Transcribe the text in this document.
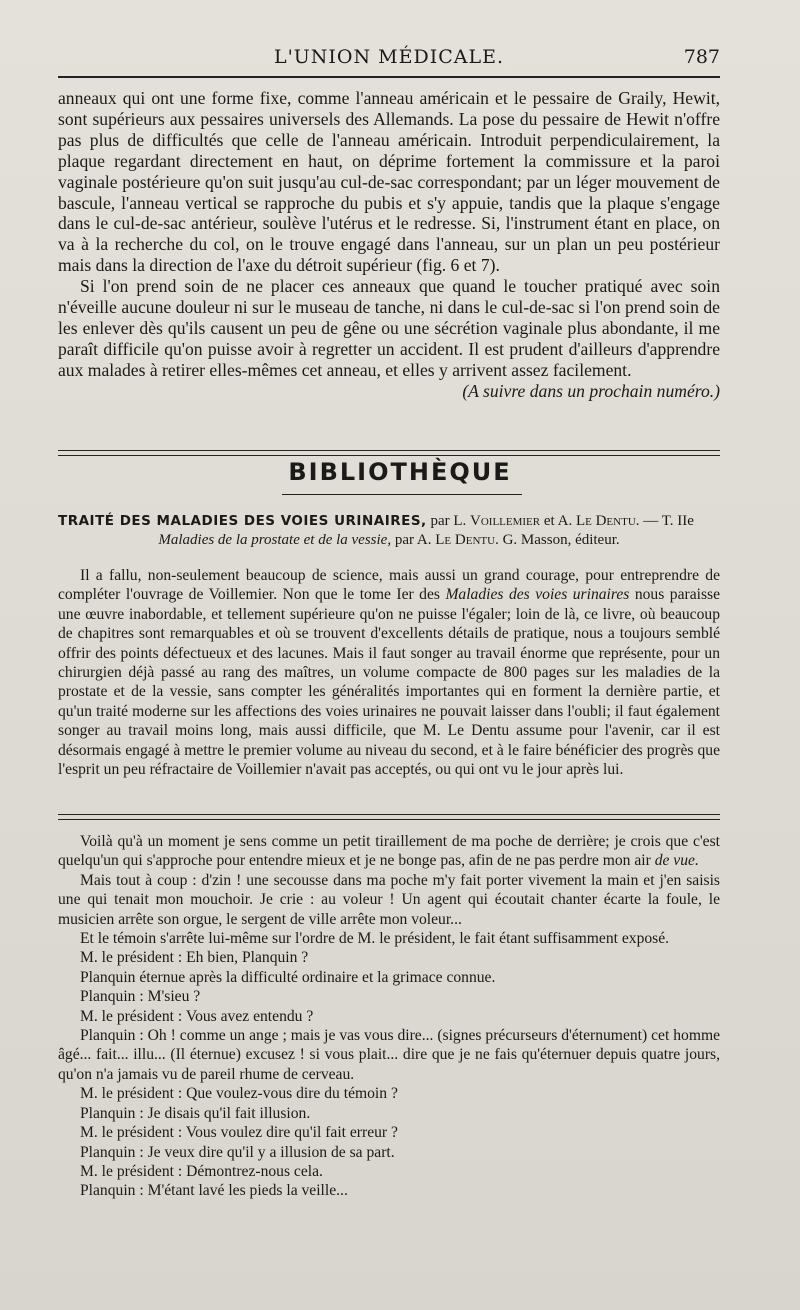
L'UNION MÉDICALE.	787

anneaux qui ont une forme fixe, comme l'anneau américain et le pessaire de Graily, Hewit, sont supérieurs aux pessaires universels des Allemands. La pose du pessaire de Hewit n'offre pas plus de difficultés que celle de l'anneau américain. Introduit perpendiculairement, la plaque regardant directement en haut, on déprime fortement la commissure et la paroi vaginale postérieure qu'on suit jusqu'au cul-de-sac correspondant; par un léger mouvement de bascule, l'anneau vertical se rapproche du pubis et s'y appuie, tandis que la plaque s'engage dans le cul-de-sac antérieur, soulève l'utérus et le redresse. Si, l'instrument étant en place, on va à la recherche du col, on le trouve engagé dans l'anneau, sur un plan un peu postérieur mais dans la direction de l'axe du détroit supérieur (fig. 6 et 7).

Si l'on prend soin de ne placer ces anneaux que quand le toucher pratiqué avec soin n'éveille aucune douleur ni sur le museau de tanche, ni dans le cul-de-sac si l'on prend soin de les enlever dès qu'ils causent un peu de gêne ou une sécrétion vaginale plus abondante, il me paraît difficile qu'on puisse avoir à regretter un accident. Il est prudent d'ailleurs d'apprendre aux malades à retirer elles-mêmes cet anneau, et elles y arrivent assez facilement.

(A suivre dans un prochain numéro.)

BIBLIOTHÈQUE

TRAITÉ DES MALADIES DES VOIES URINAIRES, par L. Voillemier et A. Le Dentu. — T. IIe

Maladies de la prostate et de la vessie, par A. Le Dentu. G. Masson, éditeur.

Il a fallu, non-seulement beaucoup de science, mais aussi un grand courage, pour entreprendre de compléter l'ouvrage de Voillemier. Non que le tome Ier des Maladies des voies urinaires nous paraisse une œuvre inabordable, et tellement supérieure qu'on ne puisse l'égaler; loin de là, ce livre, où beaucoup de chapitres sont remarquables et où se trouvent d'excellents détails de pratique, nous a toujours semblé offrir des points défectueux et des lacunes. Mais il faut songer au travail énorme que représente, pour un chirurgien déjà passé au rang des maîtres, un volume compacte de 800 pages sur les maladies de la prostate et de la vessie, sans compter les généralités importantes qui en forment la dernière partie, et qu'un traité moderne sur les affections des voies urinaires ne pouvait laisser dans l'oubli; il faut également songer au travail moins long, mais aussi difficile, que M. Le Dentu assume pour l'avenir, car il est désormais engagé à mettre le premier volume au niveau du second, et à le faire bénéficier des progrès que l'esprit un peu réfractaire de Voillemier n'avait pas acceptés, ou qui ont vu le jour après lui.

Voilà qu'à un moment je sens comme un petit tiraillement de ma poche de derrière; je crois que c'est quelqu'un qui s'approche pour entendre mieux et je ne bonge pas, afin de ne pas perdre mon air de vue.

Mais tout à coup : d'zin ! une secousse dans ma poche m'y fait porter vivement la main et j'en saisis une qui tenait mon mouchoir. Je crie : au voleur ! Un agent qui écoutait chanter écarte la foule, le musicien arrête son orgue, le sergent de ville arrête mon voleur...

Et le témoin s'arrête lui-même sur l'ordre de M. le président, le fait étant suffisamment exposé.

M. le président : Eh bien, Planquin ?

Planquin éternue après la difficulté ordinaire et la grimace connue.

Planquin : M'sieu ?

M. le président : Vous avez entendu ?

Planquin : Oh ! comme un ange ; mais je vas vous dire... (signes précurseurs d'éternument) cet homme âgé... fait... illu... (Il éternue) excusez ! si vous plait... dire que je ne fais qu'éternuer depuis quatre jours, qu'on n'a jamais vu de pareil rhume de cerveau.

M. le président : Que voulez-vous dire du témoin ?

Planquin : Je disais qu'il fait illusion.

M. le président : Vous voulez dire qu'il fait erreur ?

Planquin : Je veux dire qu'il y a illusion de sa part.

M. le président : Démontrez-nous cela.

Planquin : M'étant lavé les pieds la veille...
